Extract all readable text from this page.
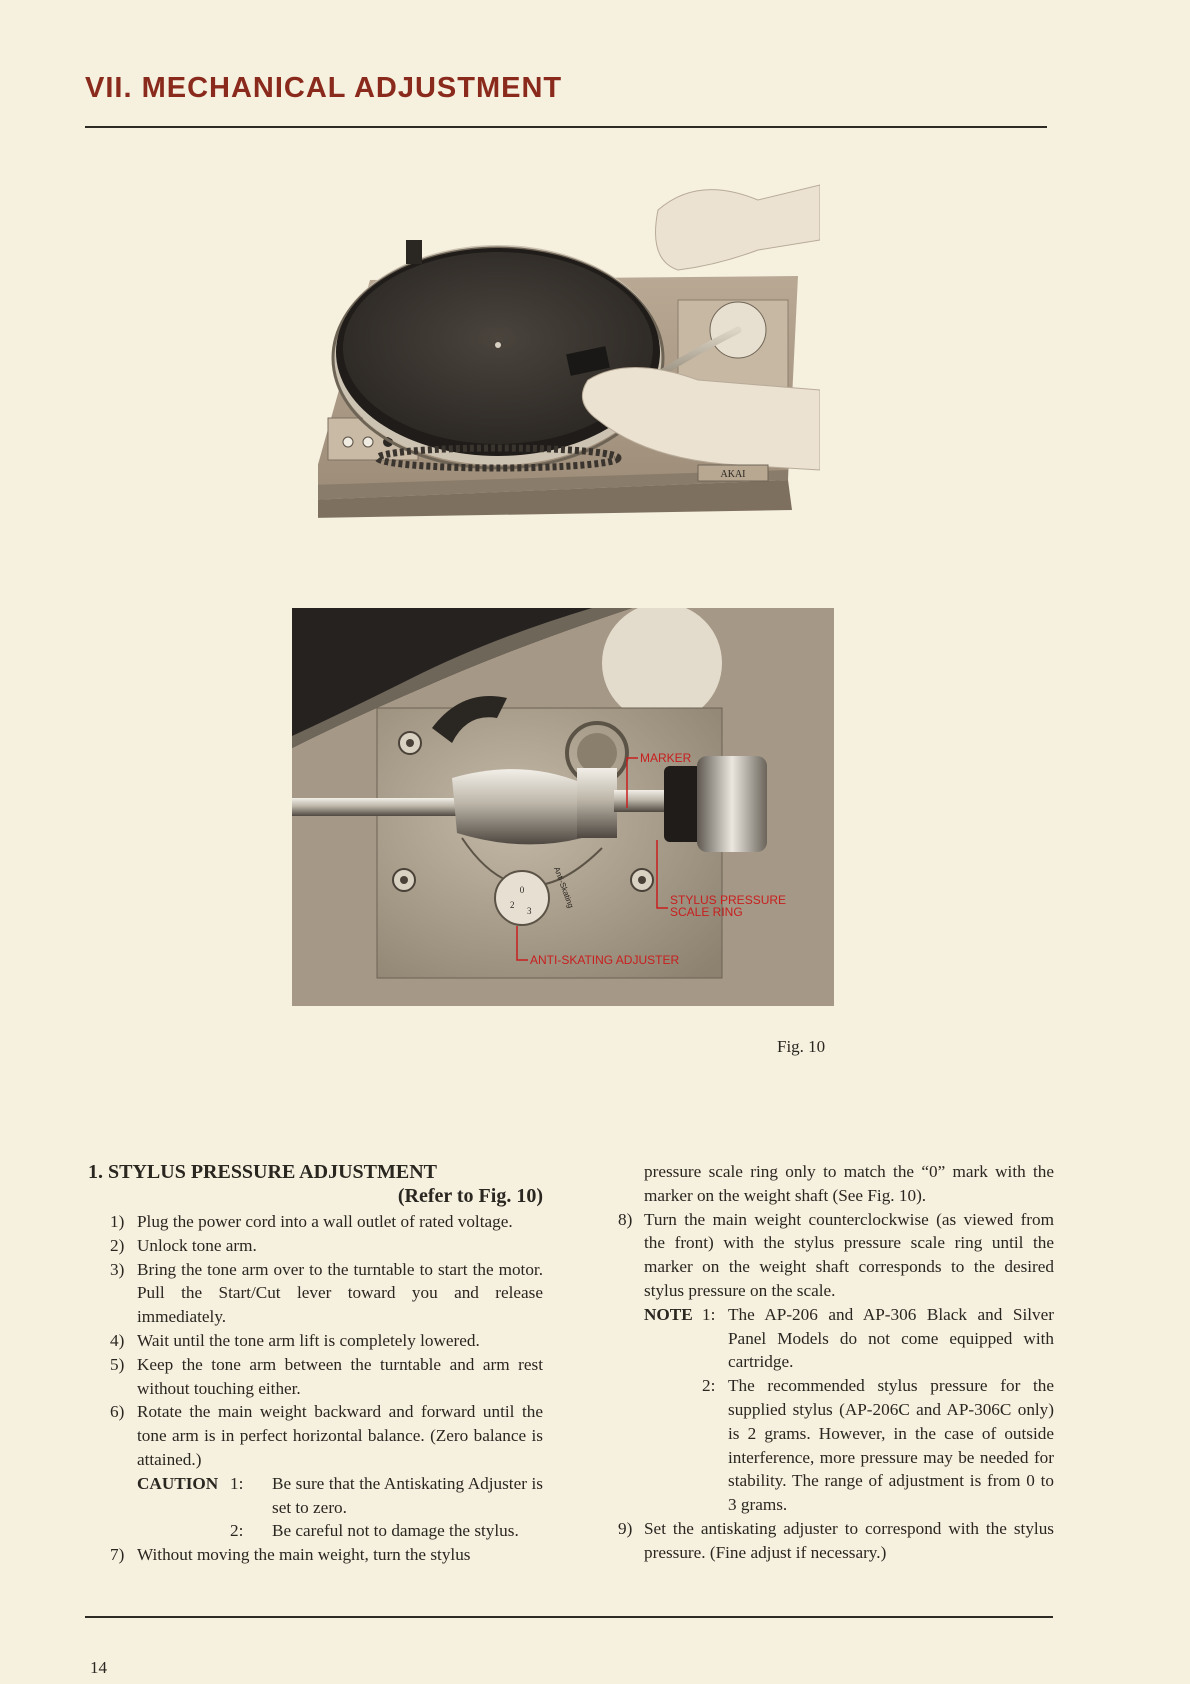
VII. MECHANICAL ADJUSTMENT
AKAI
0
2
3
Anti-Skating
MARKER
STYLUS PRESSURE
SCALE RING
ANTI-SKATING ADJUSTER
Fig. 10

1. STYLUS PRESSURE ADJUSTMENT

(Refer to Fig. 10)

1) Plug the power cord into a wall outlet of rated voltage.
2) Unlock tone arm.
3) Bring the tone arm over to the turntable to start the motor. Pull the Start/Cut lever toward you and release immediately.
4) Wait until the tone arm lift is completely lowered.
5) Keep the tone arm between the turntable and arm rest without touching either.
6) Rotate the main weight backward and forward until the tone arm is in perfect horizontal balance. (Zero balance is attained.)
CAUTION 1: Be sure that the Antiskating Adjuster is set to zero.
2: Be careful not to damage the stylus.
7) Without moving the main weight, turn the stylus
pressure scale ring only to match the “0” mark with the marker on the weight shaft (See Fig. 10).
8) Turn the main weight counterclockwise (as viewed from the front) with the stylus pressure scale ring until the marker on the weight shaft corresponds to the desired stylus pressure on the scale.
NOTE 1: The AP-206 and AP-306 Black and Silver Panel Models do not come equipped with cartridge.
2: The recommended stylus pressure for the supplied stylus (AP-206C and AP-306C only) is 2 grams. However, in the case of outside interference, more pressure may be needed for stability. The range of adjustment is from 0 to 3 grams.
9) Set the antiskating adjuster to correspond with the stylus pressure. (Fine adjust if necessary.)
14
